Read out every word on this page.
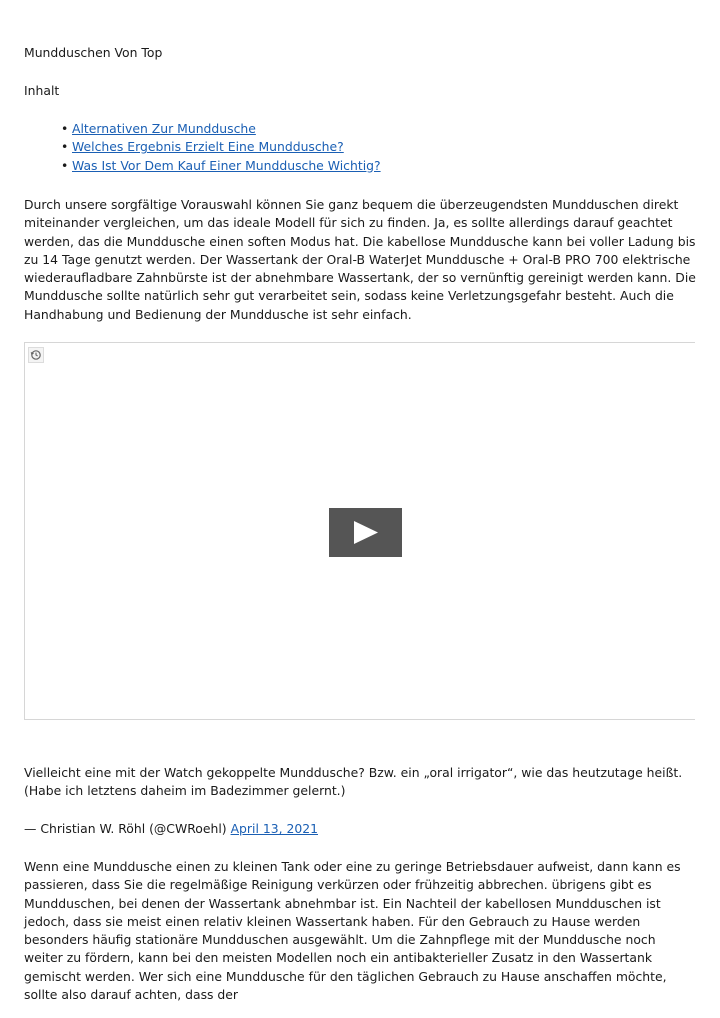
Mundduschen Von Top

Inhalt

• Alternativen Zur Munddusche
• Welches Ergebnis Erzielt Eine Munddusche?
• Was Ist Vor Dem Kauf Einer Munddusche Wichtig?

Durch unsere sorgfältige Vorauswahl können Sie ganz bequem die überzeugendsten Mundduschen direkt miteinander vergleichen, um das ideale Modell für sich zu finden. Ja, es sollte allerdings darauf geachtet werden, das die Munddusche einen soften Modus hat. Die kabellose Munddusche kann bei voller Ladung bis zu 14 Tage genutzt werden. Der Wassertank der Oral-B WaterJet Munddusche + Oral-B PRO 700 elektrische wiederaufladbare Zahnbürste ist der abnehmbare Wassertank, der so vernünftig gereinigt werden kann. Die Munddusche sollte natürlich sehr gut verarbeitet sein, sodass keine Verletzungsgefahr besteht. Auch die Handhabung und Bedienung der Munddusche ist sehr einfach.

Vielleicht eine mit der Watch gekoppelte Munddusche? Bzw. ein „oral irrigator“, wie das heutzutage heißt. (Habe ich letztens daheim im Badezimmer gelernt.)

— Christian W. Röhl (@CWRoehl) April 13, 2021

Wenn eine Munddusche einen zu kleinen Tank oder eine zu geringe Betriebsdauer aufweist, dann kann es passieren, dass Sie die regelmäßige Reinigung verkürzen oder frühzeitig abbrechen. übrigens gibt es Mundduschen, bei denen der Wassertank abnehmbar ist. Ein Nachteil der kabellosen Mundduschen ist jedoch, dass sie meist einen relativ kleinen Wassertank haben. Für den Gebrauch zu Hause werden besonders häufig stationäre Mundduschen ausgewählt. Um die Zahnpflege mit der Munddusche noch weiter zu fördern, kann bei den meisten Modellen noch ein antibakterieller Zusatz in den Wassertank gemischt werden. Wer sich eine Munddusche für den täglichen Gebrauch zu Hause anschaffen möchte, sollte also darauf achten, dass der
